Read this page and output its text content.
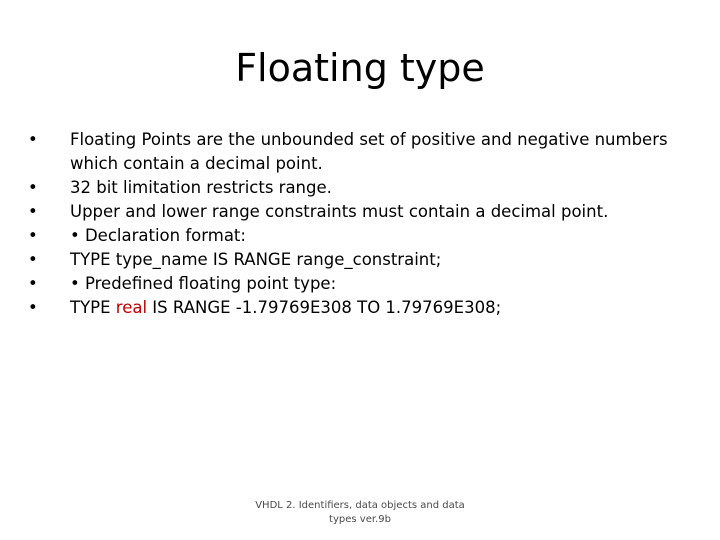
Floating type
•	Floating Points are the unbounded set of positive and negative numbers which contain a decimal point.
•	32 bit limitation restricts range.
•	Upper and lower range constraints must contain a decimal point.
•	• Declaration format:
•	TYPE type_name IS RANGE range_constraint;
•	• Predefined floating point type:
•	TYPE real IS RANGE -1.79769E308 TO 1.79769E308;
VHDL 2. Identifiers, data objects and data types ver.9b
